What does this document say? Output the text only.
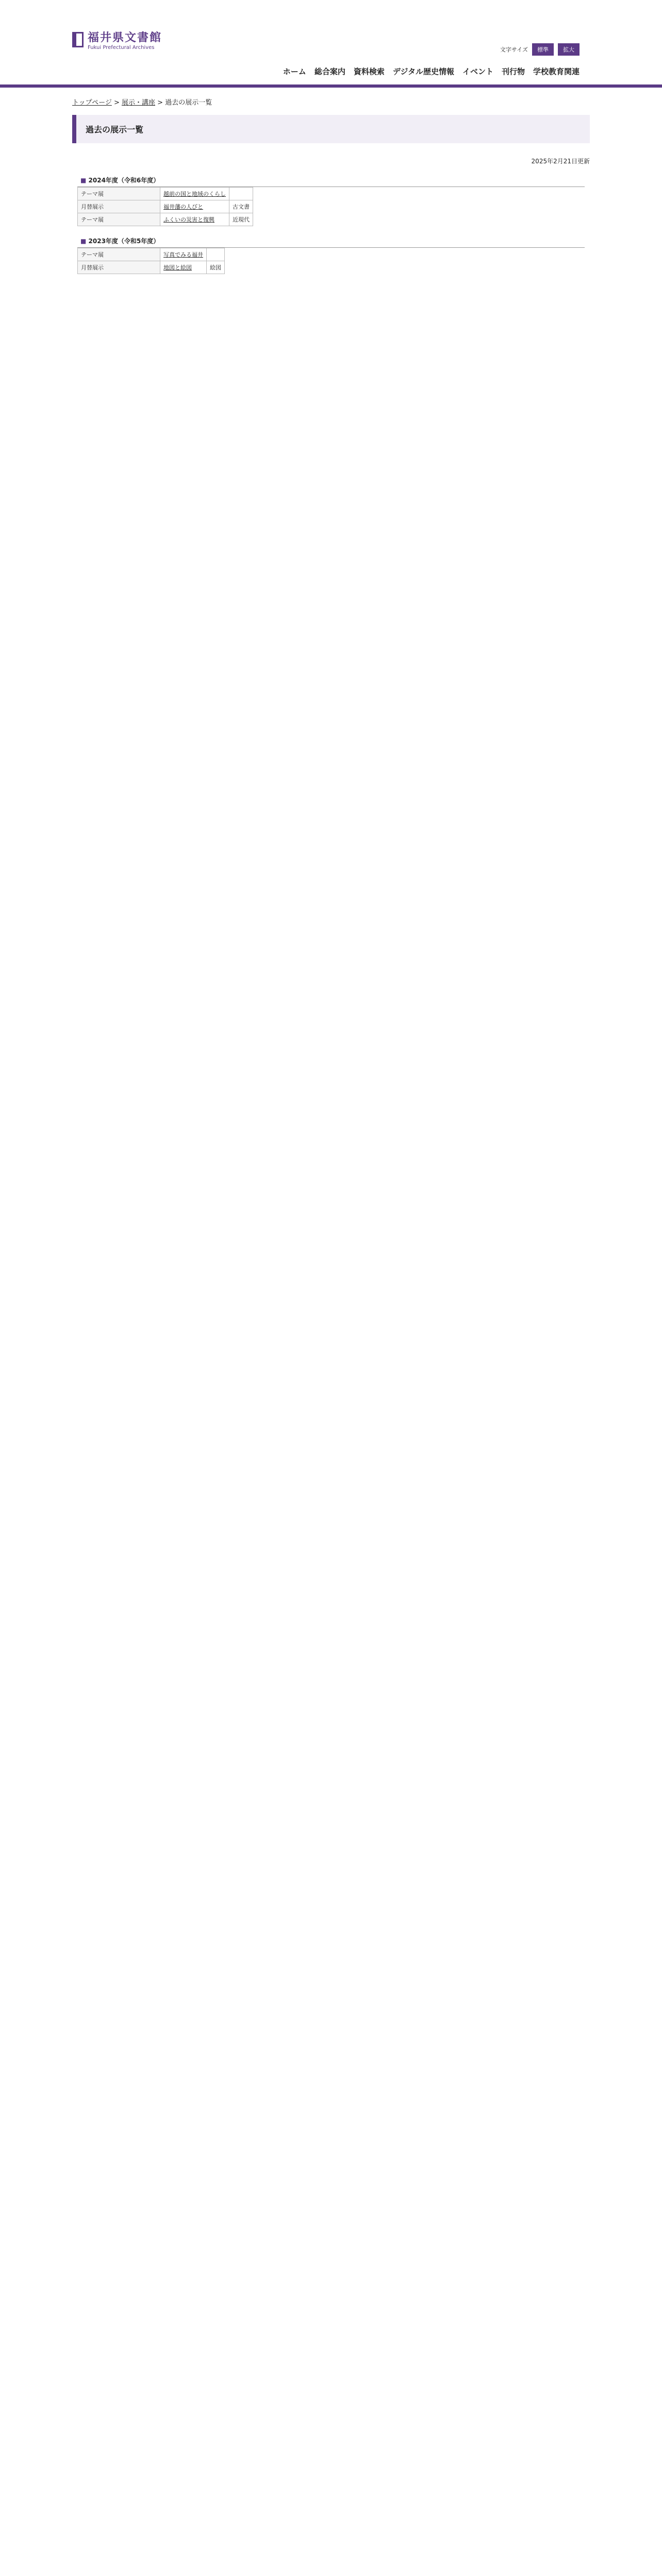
福井県文書館
Fukui Prefectural Archives	文字サイズ	標準	拡大
ホーム 総合案内 資料検索 デジタル歴史情報 イベント 刊行物 学校教育関連
トップページ > 展示・講座 > 過去の展示一覧
過去の展示一覧
2025年2月21日更新
■ 2024年度（令和6年度）
テーマ展	越前の国と地域のくらし	
月替展示	福井藩の人びと	古文書
テーマ展	ふくいの災害と復興	近現代
■ 2023年度（令和5年度）
テーマ展	写真でみる福井	
月替展示	地図と絵図	絵図
